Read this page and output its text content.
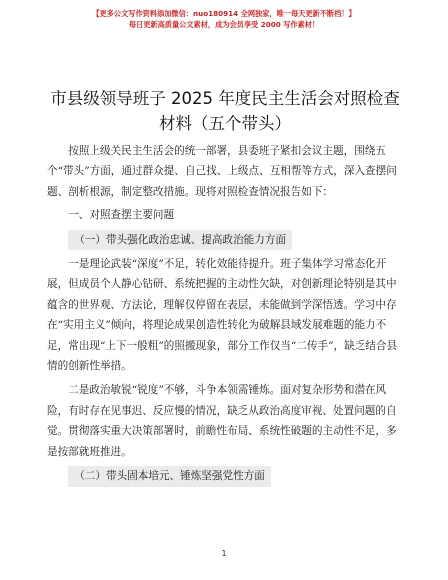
【更多公文写作资料添加微信：nuo180914 全网独家，唯一每天更新不断档！】
每日更新高质量公文素材，成为会员享受 2000 写作素材！
市县级领导班子 2025 年度民主生活会对照检查
材料（五个带头）

按照上级关民主生活会的统一部署，县委班子紧扣会议主题，围绕五个“带头”方面，通过群众提、自己找、上级点、互相帮等方式，深入查摆问题、剖析根源，制定整改措施。现将对照检查情况报告如下：

一、对照查摆主要问题

（一）带头强化政治忠诚、提高政治能力方面

一是理论武装“深度”不足，转化效能待提升。班子集体学习常态化开展，但成员个人静心钻研、系统把握的主动性欠缺，对创新理论特别是其中蕴含的世界观、方法论，理解仅停留在表层，未能做到学深悟透。学习中存在“实用主义”倾向，将理论成果创造性转化为破解县域发展难题的能力不足，常出现“上下一般粗”的照搬现象，部分工作仅当“二传手”，缺乏结合县情的创新性举措。

二是政治敏锐“锐度”不够，斗争本领需锤炼。面对复杂形势和潜在风险，有时存在见事迟、反应慢的情况，缺乏从政治高度审视、处置问题的自觉。贯彻落实重大决策部署时，前瞻性布局、系统性破题的主动性不足，多是按部就班推进。

（二）带头固本培元、锤炼坚强党性方面
1
